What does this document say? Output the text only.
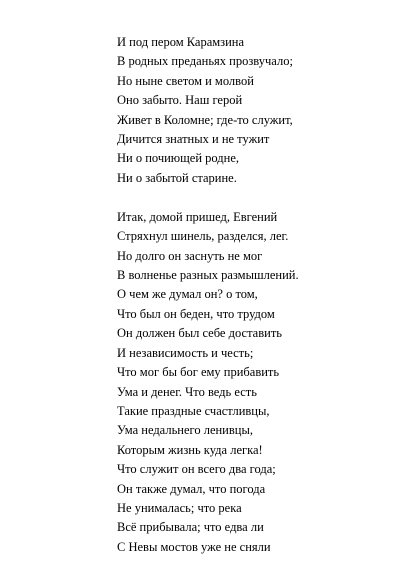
И под пером Карамзина
В родных преданьях прозвучало;
Но ныне светом и молвой
Оно забыто. Наш герой
Живет в Коломне; где-то служит,
Дичится знатных и не тужит
Ни о почиющей родне,
Ни о забытой старине.

Итак, домой пришед, Евгений
Стряхнул шинель, разделся, лег.
Но долго он заснуть не мог
В волненье разных размышлений.
О чем же думал он? о том,
Что был он беден, что трудом
Он должен был себе доставить
И независимость и честь;
Что мог бы бог ему прибавить
Ума и денег. Что ведь есть
Такие праздные счастливцы,
Ума недальнего ленивцы,
Которым жизнь куда легка!
Что служит он всего два года;
Он также думал, что погода
Не унималась; что река
Всё прибывала; что едва ли
С Невы мостов уже не сняли
